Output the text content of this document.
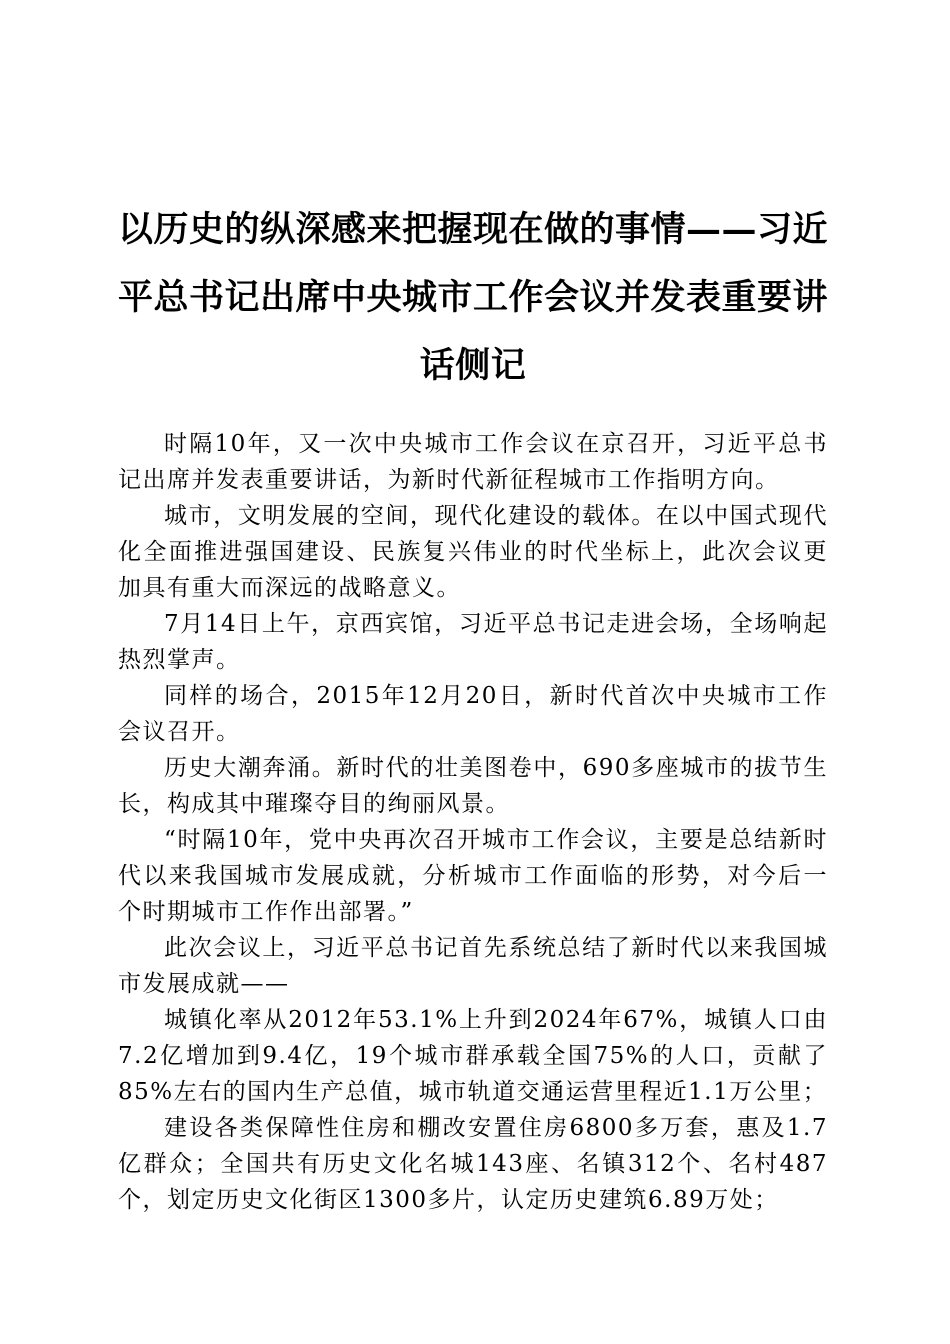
以历史的纵深感来把握现在做的事情——习近平总书记出席中央城市工作会议并发表重要讲话侧记

时隔10年，又一次中央城市工作会议在京召开，习近平总书记出席并发表重要讲话，为新时代新征程城市工作指明方向。

城市，文明发展的空间，现代化建设的载体。在以中国式现代化全面推进强国建设、民族复兴伟业的时代坐标上，此次会议更加具有重大而深远的战略意义。

7月14日上午，京西宾馆，习近平总书记走进会场，全场响起热烈掌声。

同样的场合，2015年12月20日，新时代首次中央城市工作会议召开。

历史大潮奔涌。新时代的壮美图卷中，690多座城市的拔节生长，构成其中璀璨夺目的绚丽风景。

“时隔10年，党中央再次召开城市工作会议，主要是总结新时代以来我国城市发展成就，分析城市工作面临的形势，对今后一个时期城市工作作出部署。”

此次会议上，习近平总书记首先系统总结了新时代以来我国城市发展成就——

城镇化率从2012年53.1%上升到2024年67%，城镇人口由7.2亿增加到9.4亿，19个城市群承载全国75%的人口，贡献了85%左右的国内生产总值，城市轨道交通运营里程近1.1万公里；

建设各类保障性住房和棚改安置住房6800多万套，惠及1.7亿群众；全国共有历史文化名城143座、名镇312个、名村487个，划定历史文化街区1300多片，认定历史建筑6.89万处；
